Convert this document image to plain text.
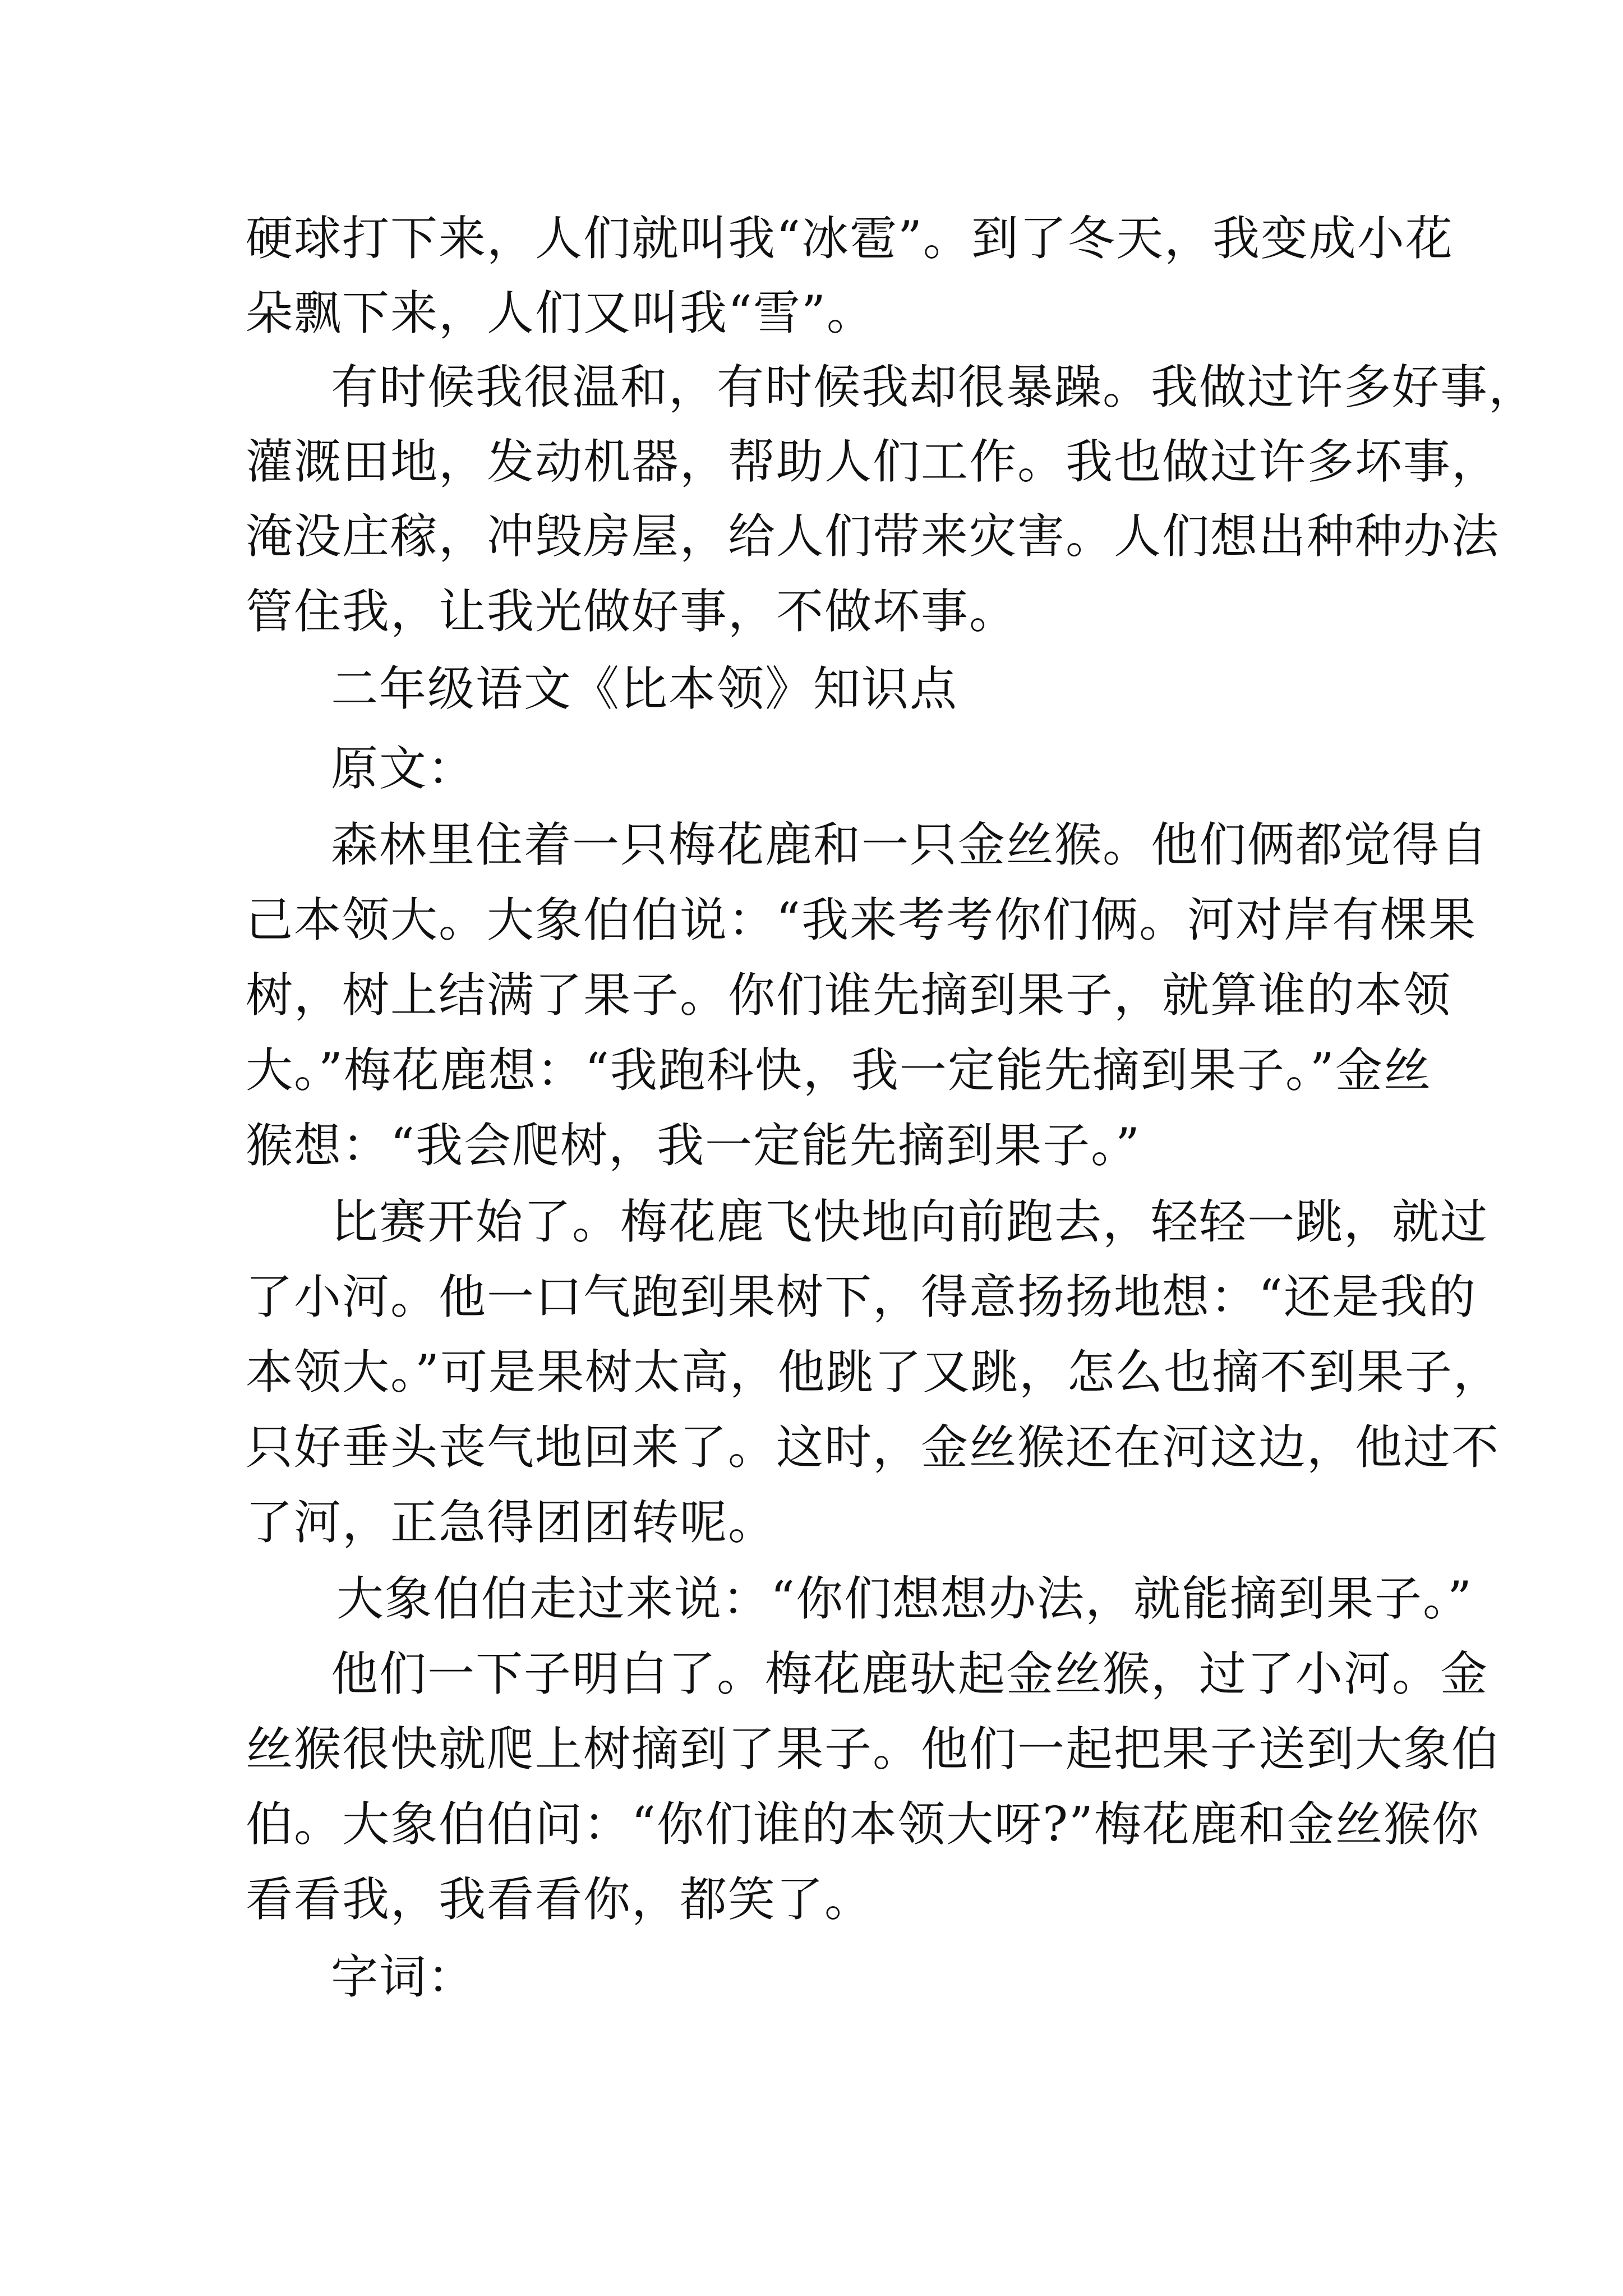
硬球打下来，人们就叫我“冰雹”。到了冬天，我变成小花
朵飘下来，人们又叫我“雪”。
有时候我很温和，有时候我却很暴躁。我做过许多好事，
灌溉田地，发动机器，帮助人们工作。我也做过许多坏事，
淹没庄稼，冲毁房屋，给人们带来灾害。人们想出种种办法
管住我，让我光做好事，不做坏事。
二年级语文《比本领》知识点
原文：
森林里住着一只梅花鹿和一只金丝猴。他们俩都觉得自
己本领大。大象伯伯说：“我来考考你们俩。河对岸有棵果
树，树上结满了果子。你们谁先摘到果子，就算谁的本领
大。”梅花鹿想：“我跑科快，我一定能先摘到果子。”金丝
猴想：“我会爬树，我一定能先摘到果子。”
比赛开始了。梅花鹿飞快地向前跑去，轻轻一跳，就过
了小河。他一口气跑到果树下，得意扬扬地想：“还是我的
本领大。”可是果树太高，他跳了又跳，怎么也摘不到果子，
只好垂头丧气地回来了。这时，金丝猴还在河这边，他过不
了河，正急得团团转呢。
大象伯伯走过来说：“你们想想办法，就能摘到果子。”
他们一下子明白了。梅花鹿驮起金丝猴，过了小河。金
丝猴很快就爬上树摘到了果子。他们一起把果子送到大象伯
伯。大象伯伯问：“你们谁的本领大呀?”梅花鹿和金丝猴你
看看我，我看看你，都笑了。
字词：
